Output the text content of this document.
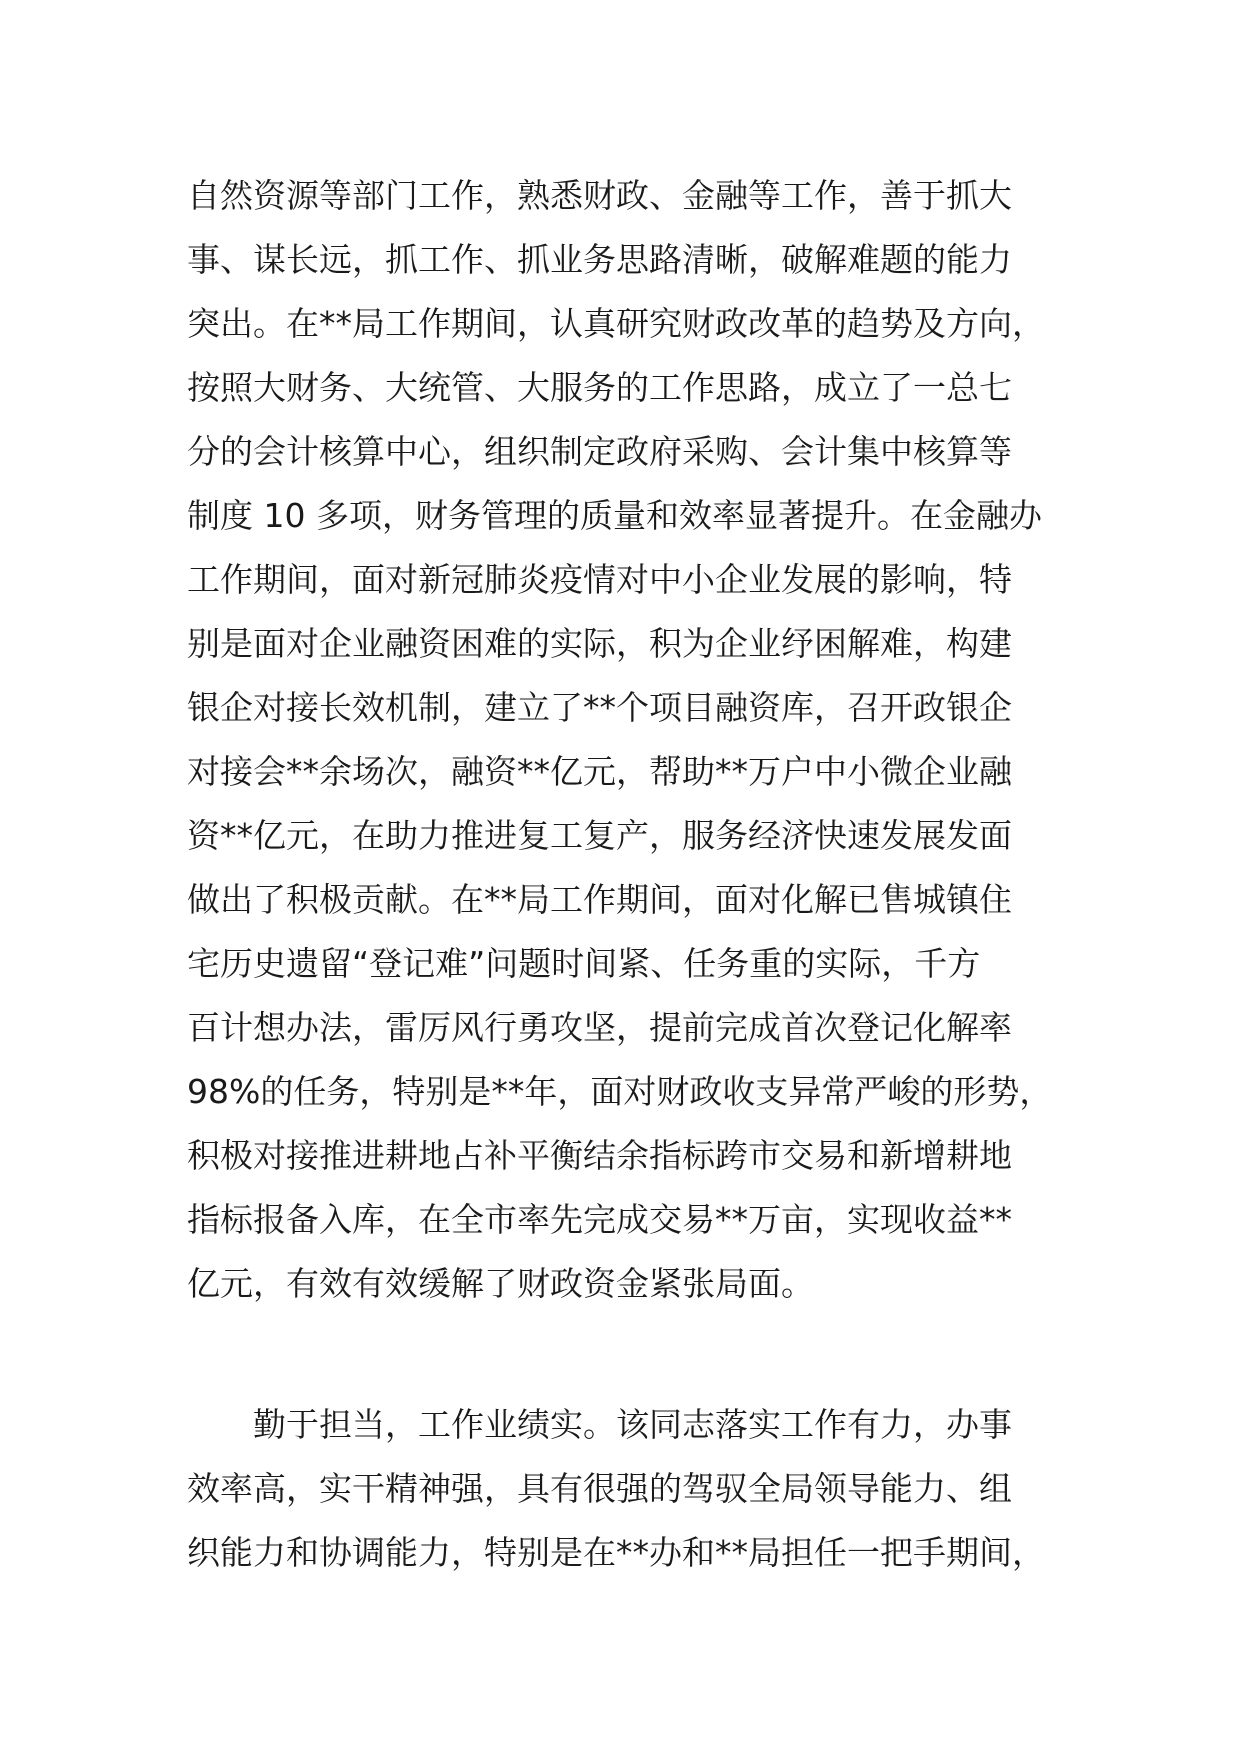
自然资源等部门工作，熟悉财政、金融等工作，善于抓大
事、谋长远，抓工作、抓业务思路清晰，破解难题的能力
突出。在**局工作期间，认真研究财政改革的趋势及方向，
按照大财务、大统管、大服务的工作思路，成立了一总七
分的会计核算中心，组织制定政府采购、会计集中核算等
制度 10 多项，财务管理的质量和效率显著提升。在金融办
工作期间，面对新冠肺炎疫情对中小企业发展的影响，特
别是面对企业融资困难的实际，积为企业纾困解难，构建
银企对接长效机制，建立了**个项目融资库，召开政银企
对接会**余场次，融资**亿元，帮助**万户中小微企业融
资**亿元，在助力推进复工复产，服务经济快速发展发面
做出了积极贡献。在**局工作期间，面对化解已售城镇住
宅历史遗留“登记难”问题时间紧、任务重的实际，千方
百计想办法，雷厉风行勇攻坚，提前完成首次登记化解率
98%的任务，特别是**年，面对财政收支异常严峻的形势，
积极对接推进耕地占补平衡结余指标跨市交易和新增耕地
指标报备入库，在全市率先完成交易**万亩，实现收益**
亿元，有效有效缓解了财政资金紧张局面。
勤于担当，工作业绩实。该同志落实工作有力，办事
效率高，实干精神强，具有很强的驾驭全局领导能力、组
织能力和协调能力，特别是在**办和**局担任一把手期间，
